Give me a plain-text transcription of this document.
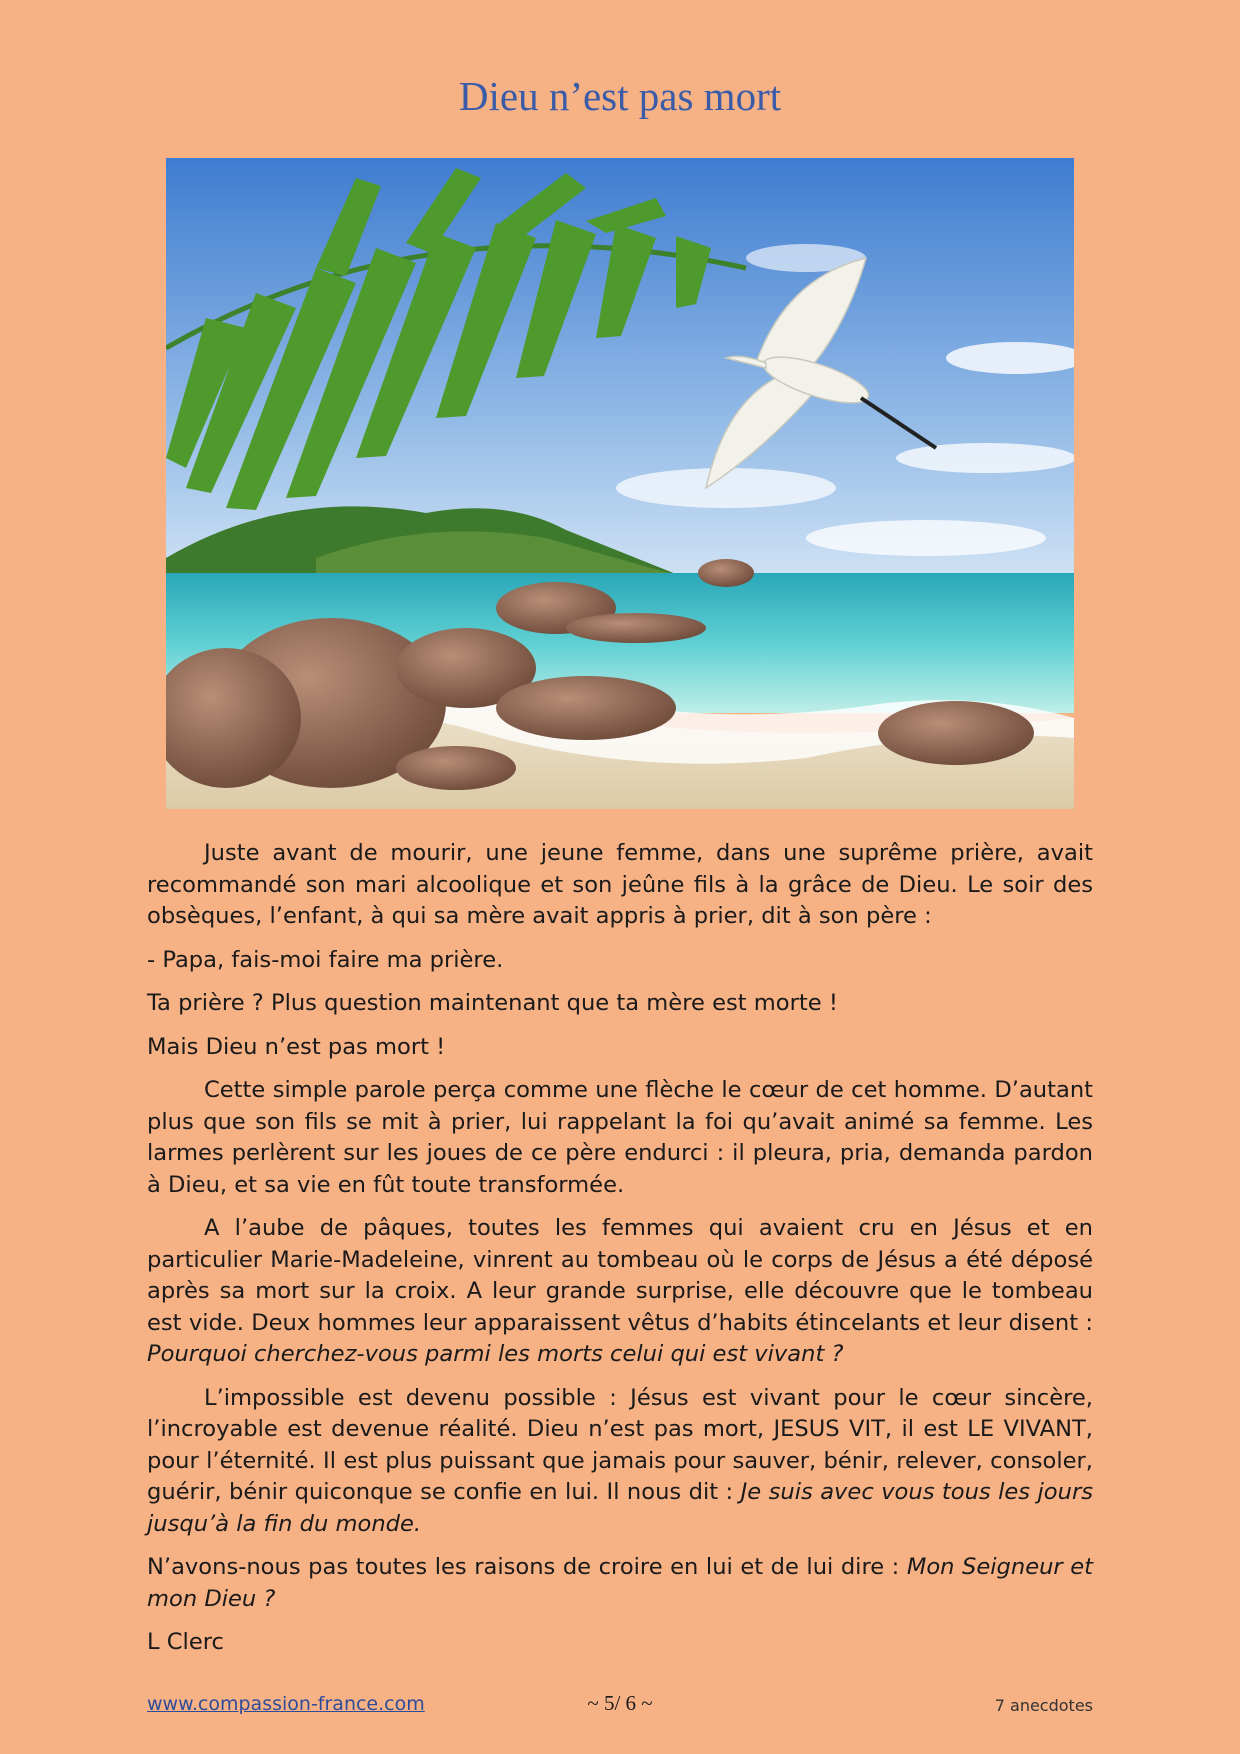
Dieu n’est pas mort

Juste avant de mourir, une jeune femme, dans une suprême prière, avait recommandé son mari alcoolique et son jeûne fils à la grâce de Dieu. Le soir des obsèques, l’enfant, à qui sa mère avait appris à prier, dit à son père :

- Papa, fais-moi faire ma prière.

Ta prière ? Plus question maintenant que ta mère est morte !

Mais Dieu n’est pas mort !

Cette simple parole perça comme une flèche le cœur de cet homme. D’autant plus que son fils se mit à prier, lui rappelant la foi qu’avait animé sa femme. Les larmes perlèrent sur les joues de ce père endurci : il pleura, pria, demanda pardon à Dieu, et sa vie en fût toute transformée.

A l’aube de pâques, toutes les femmes qui avaient cru en Jésus et en particulier Marie-Madeleine, vinrent au tombeau où le corps de Jésus a été déposé après sa mort sur la croix. A leur grande surprise, elle découvre que le tombeau est vide. Deux hommes leur apparaissent vêtus d’habits étincelants et leur disent : Pourquoi cherchez-vous parmi les morts celui qui est vivant ?

L’impossible est devenu possible : Jésus est vivant pour le cœur sincère, l’incroyable est devenue réalité. Dieu n’est pas mort, JESUS VIT, il est LE VIVANT, pour l’éternité. Il est plus puissant que jamais pour sauver, bénir, relever, consoler, guérir, bénir quiconque se confie en lui. Il nous dit : Je suis avec vous tous les jours jusqu’à la fin du monde.

N’avons-nous pas toutes les raisons de croire en lui et de lui dire : Mon Seigneur et mon Dieu ?

L Clerc

www.compassion-france.com	~ 5/ 6 ~	7 anecdotes
